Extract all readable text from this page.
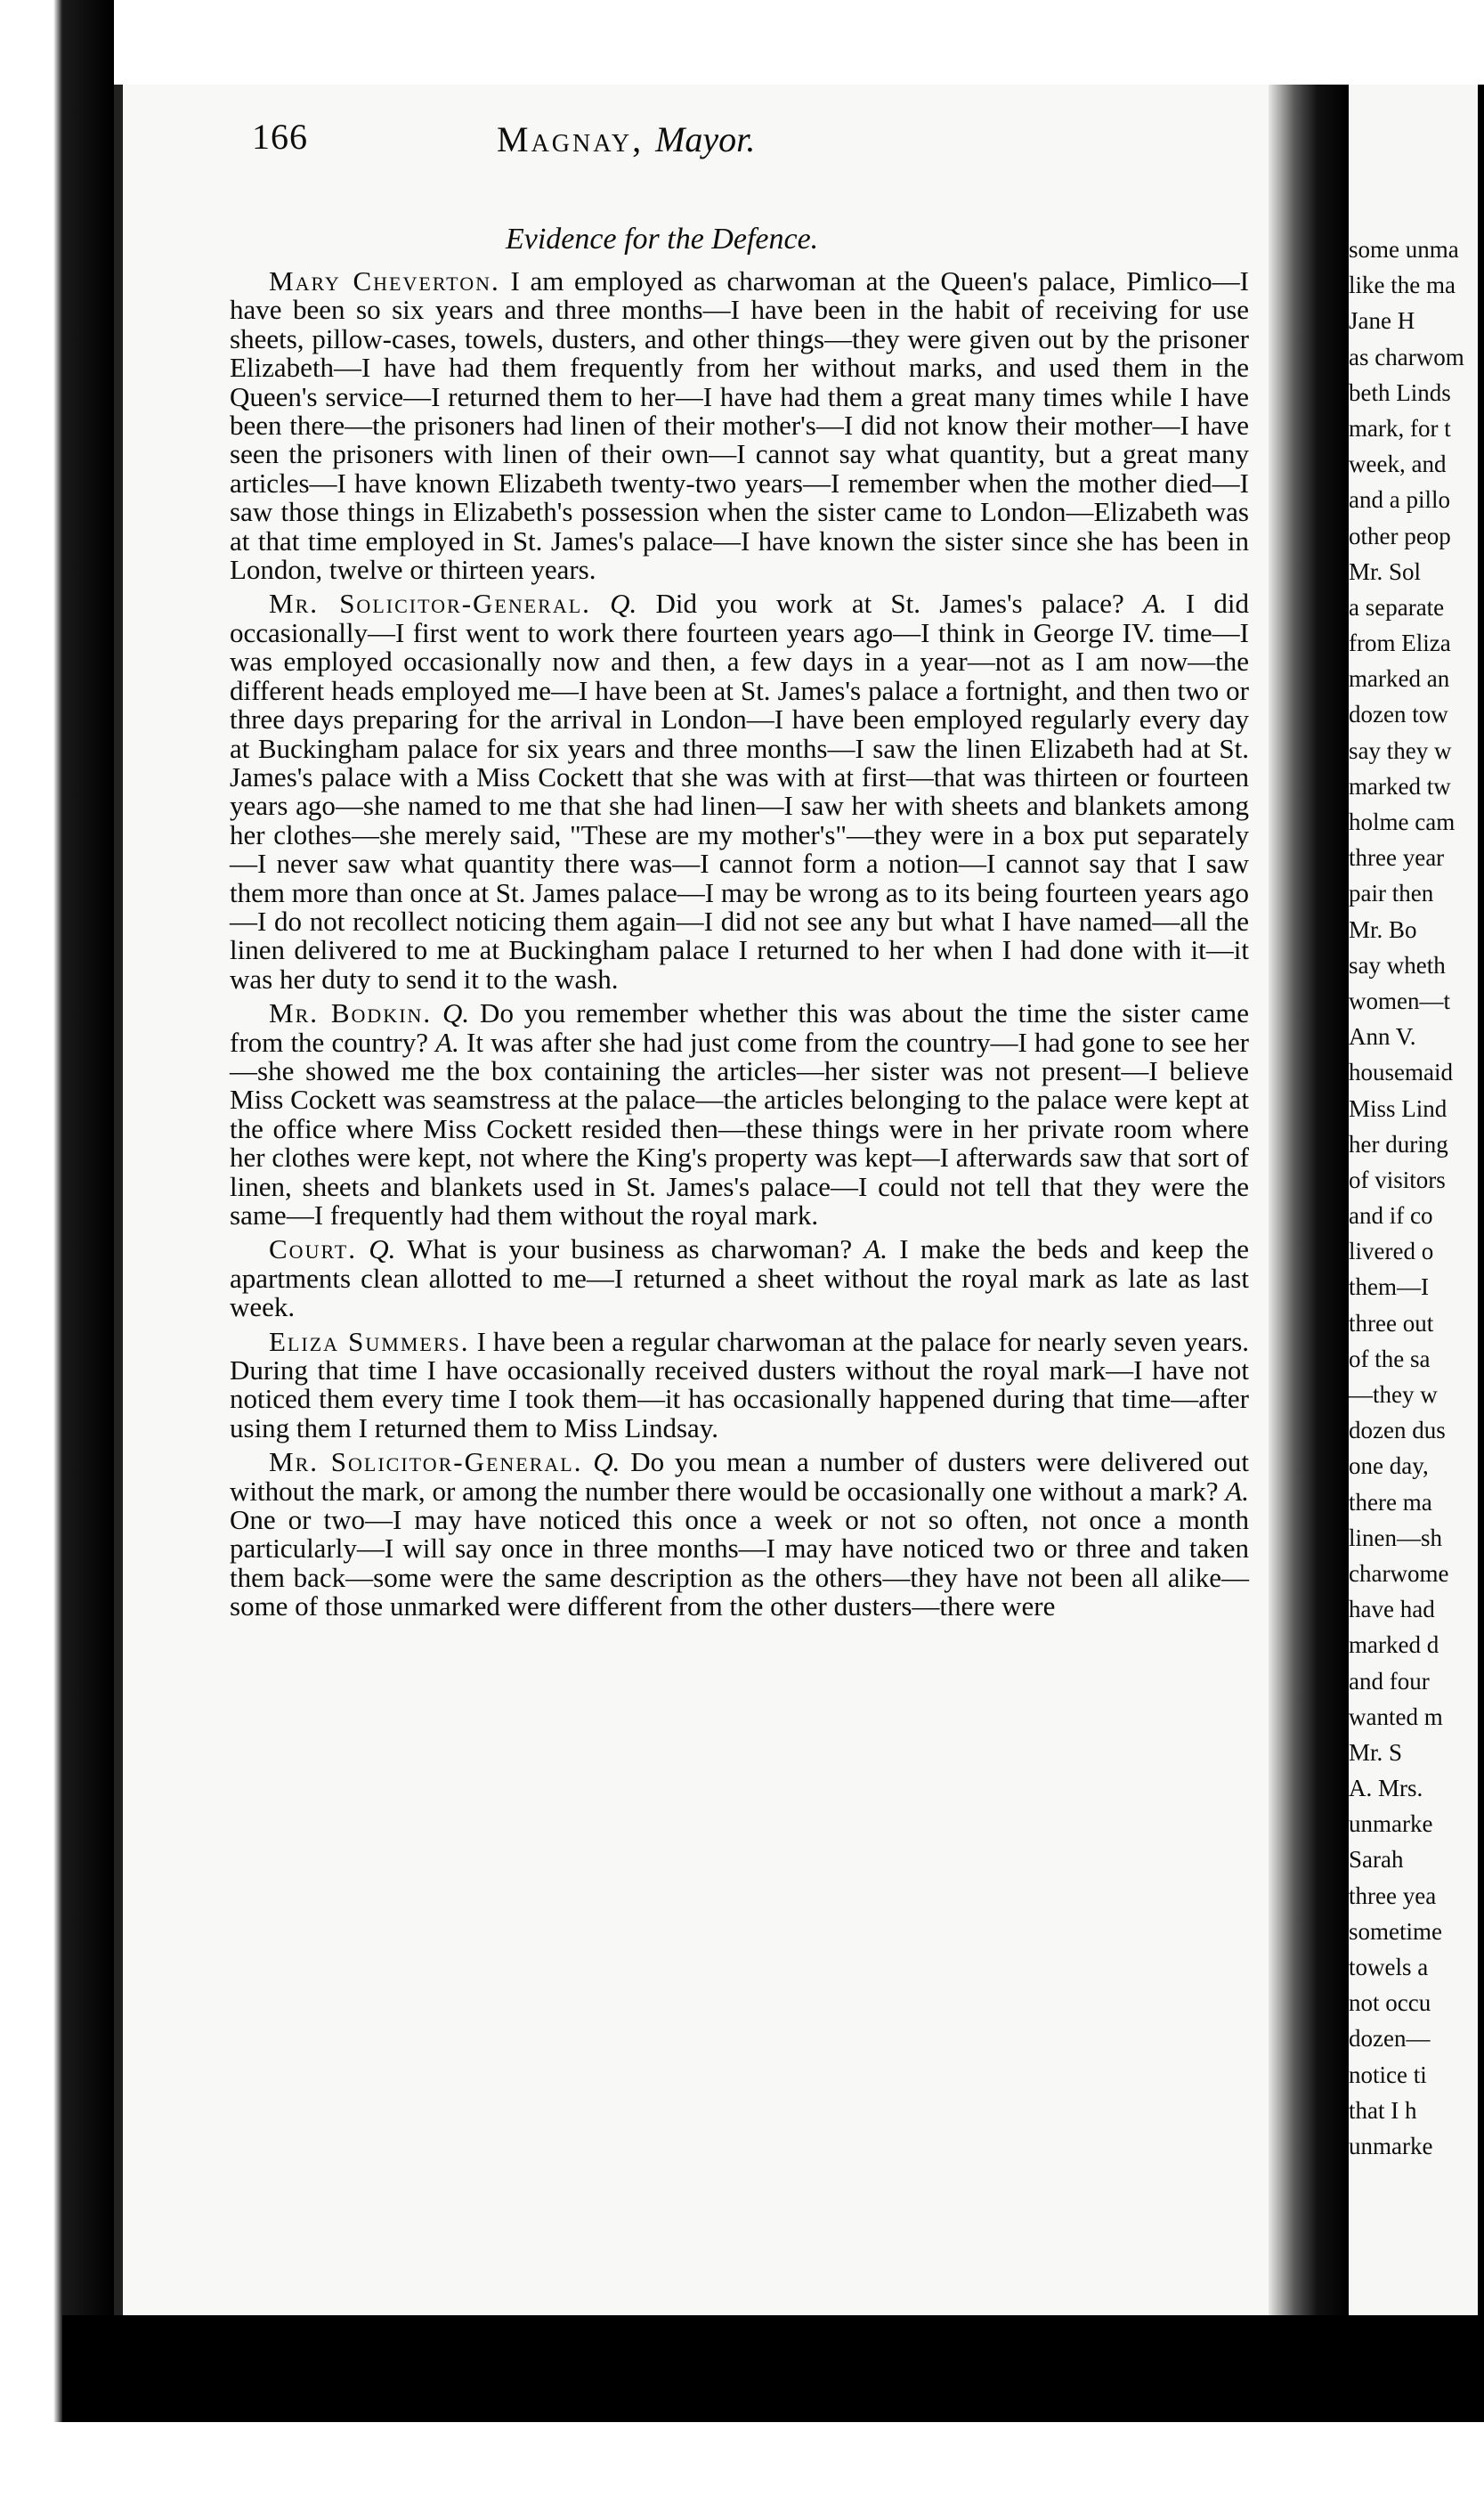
166	Magnay, Mayor.
Evidence for the Defence.

Mary Cheverton. I am employed as charwoman at the Queen's palace, Pimlico—I have been so six years and three months—I have been in the habit of receiving for use sheets, pillow-cases, towels, dusters, and other things—they were given out by the prisoner Elizabeth—I have had them frequently from her without marks, and used them in the Queen's service—I returned them to her—I have had them a great many times while I have been there—the prisoners had linen of their mother's—I did not know their mother—I have seen the prisoners with linen of their own—I cannot say what quantity, but a great many articles—I have known Elizabeth twenty-two years—I remember when the mother died—I saw those things in Elizabeth's possession when the sister came to London—Elizabeth was at that time employed in St. James's palace—I have known the sister since she has been in London, twelve or thirteen years.

Mr. Solicitor-General. Q. Did you work at St. James's palace? A. I did occasionally—I first went to work there fourteen years ago—I think in George IV. time—I was employed occasionally now and then, a few days in a year—not as I am now—the different heads employed me—I have been at St. James's palace a fortnight, and then two or three days preparing for the arrival in London—I have been employed regularly every day at Buckingham palace for six years and three months—I saw the linen Elizabeth had at St. James's palace with a Miss Cockett that she was with at first—that was thirteen or fourteen years ago—she named to me that she had linen—I saw her with sheets and blankets among her clothes—she merely said, "These are my mother's"—they were in a box put separately—I never saw what quantity there was—I cannot form a notion—I cannot say that I saw them more than once at St. James palace—I may be wrong as to its being fourteen years ago—I do not recollect noticing them again—I did not see any but what I have named—all the linen delivered to me at Buckingham palace I returned to her when I had done with it—it was her duty to send it to the wash.

Mr. Bodkin. Q. Do you remember whether this was about the time the sister came from the country? A. It was after she had just come from the country—I had gone to see her—she showed me the box containing the articles—her sister was not present—I believe Miss Cockett was seamstress at the palace—the articles belonging to the palace were kept at the office where Miss Cockett resided then—these things were in her private room where her clothes were kept, not where the King's property was kept—I afterwards saw that sort of linen, sheets and blankets used in St. James's palace—I could not tell that they were the same—I frequently had them without the royal mark.

Court. Q. What is your business as charwoman? A. I make the beds and keep the apartments clean allotted to me—I returned a sheet without the royal mark as late as last week.

Eliza Summers. I have been a regular charwoman at the palace for nearly seven years. During that time I have occasionally received dusters without the royal mark—I have not noticed them every time I took them—it has occasionally happened during that time—after using them I returned them to Miss Lindsay.

Mr. Solicitor-General. Q. Do you mean a number of dusters were delivered out without the mark, or among the number there would be occasionally one without a mark? A. One or two—I may have noticed this once a week or not so often, not once a month particularly—I will say once in three months—I may have noticed two or three and taken them back—some were the same description as the others—they have not been all alike—some of those unmarked were different from the other dusters—there were

some unma
like the ma
Jane H
as charwom
beth Linds
mark, for t
week, and
and a pillo
other peop
Mr. Sol
a separate
from Eliza
marked an
dozen tow
say they w
marked tw
holme cam
three year
pair then
Mr. Bo
say wheth
women—t
Ann V.
housemaid
Miss Lind
her during
of visitors
and if co
livered o
them—I
three out
of the sa
—they w
dozen dus
one day,
there ma
linen—sh
charwome
have had
marked d
and four
wanted m
Mr. S
A. Mrs.
unmarke
Sarah
three yea
sometime
towels a
not occu
dozen—
notice ti
that I h
unmarke
